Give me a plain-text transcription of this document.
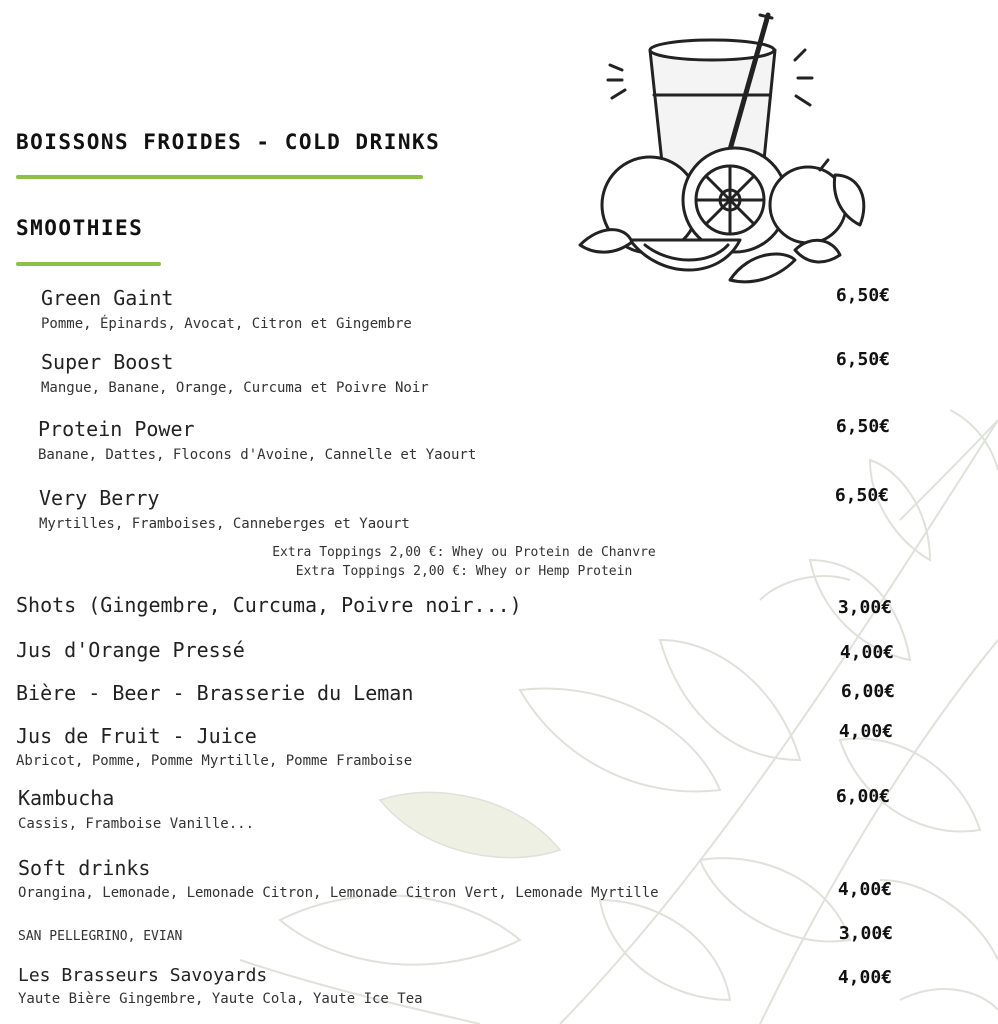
BOISSONS FROIDES - COLD DRINKS
SMOOTHIES
Green Gaint
Pomme, Épinards, Avocat, Citron et Gingembre
6,50€
Super Boost
Mangue, Banane, Orange, Curcuma et Poivre Noir
6,50€
Protein Power
Banane, Dattes, Flocons d'Avoine, Cannelle et Yaourt
6,50€
Very Berry
Myrtilles, Framboises, Canneberges et Yaourt
6,50€
Extra Toppings 2,00 €: Whey ou Protein de Chanvre
Extra Toppings 2,00 €: Whey or Hemp Protein
Shots (Gingembre, Curcuma, Poivre noir...)	3,00€
Jus d'Orange Pressé	4,00€
Bière - Beer - Brasserie du Leman	6,00€
Jus de Fruit - Juice
Abricot, Pomme, Pomme Myrtille, Pomme Framboise
4,00€
Kambucha
Cassis, Framboise Vanille...
6,00€
Soft drinks
Orangina, Lemonade, Lemonade Citron, Lemonade Citron Vert, Lemonade Myrtille	4,00€
SAN PELLEGRINO, EVIAN	3,00€
Les Brasseurs Savoyards
Yaute Bière Gingembre, Yaute Cola, Yaute Ice Tea
4,00€
